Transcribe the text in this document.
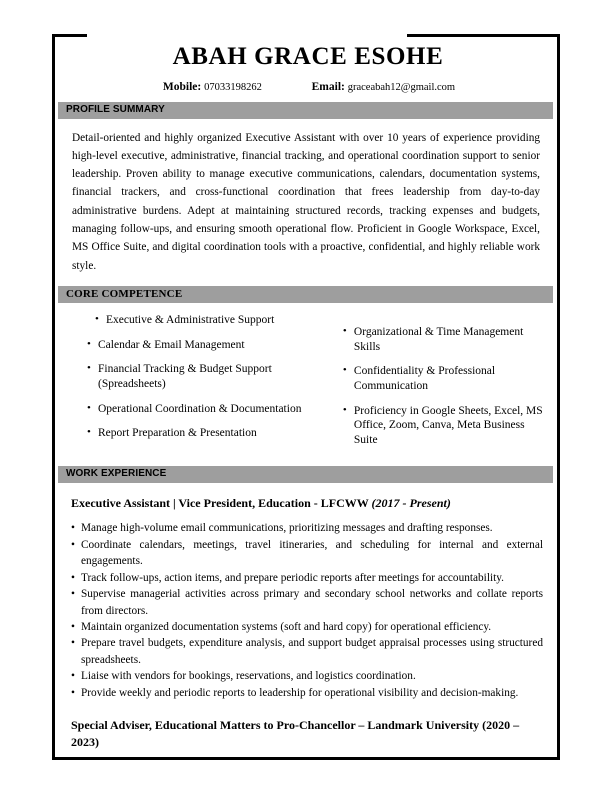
ABAH GRACE ESOHE
Mobile: 07033198262	Email: graceabah12@gmail.com
PROFILE SUMMARY

Detail-oriented and highly organized Executive Assistant with over 10 years of experience providing high-level executive, administrative, financial tracking, and operational coordination support to senior leadership. Proven ability to manage executive communications, calendars, documentation systems, financial trackers, and cross-functional coordination that frees leadership from day-to-day administrative burdens. Adept at maintaining structured records, tracking expenses and budgets, managing follow-ups, and ensuring smooth operational flow. Proficient in Google Workspace, Excel, MS Office Suite, and digital coordination tools with a proactive, confidential, and highly reliable work style.

CORE COMPETENCE
• Executive & Administrative Support
• Calendar & Email Management
• Financial Tracking & Budget Support (Spreadsheets)
• Operational Coordination & Documentation
• Report Preparation & Presentation
• Organizational & Time Management Skills
• Confidentiality & Professional Communication
• Proficiency in Google Sheets, Excel, MS Office, Zoom, Canva, Meta Business Suite
WORK EXPERIENCE
Executive Assistant | Vice President, Education - LFCWW (2017 - Present)
• Manage high-volume email communications, prioritizing messages and drafting responses.
• Coordinate calendars, meetings, travel itineraries, and scheduling for internal and external engagements.
• Track follow-ups, action items, and prepare periodic reports after meetings for accountability.
• Supervise managerial activities across primary and secondary school networks and collate reports from directors.
• Maintain organized documentation systems (soft and hard copy) for operational efficiency.
• Prepare travel budgets, expenditure analysis, and support budget appraisal processes using structured spreadsheets.
• Liaise with vendors for bookings, reservations, and logistics coordination.
• Provide weekly and periodic reports to leadership for operational visibility and decision-making.
Special Adviser, Educational Matters to Pro-Chancellor – Landmark University (2020 – 2023)
